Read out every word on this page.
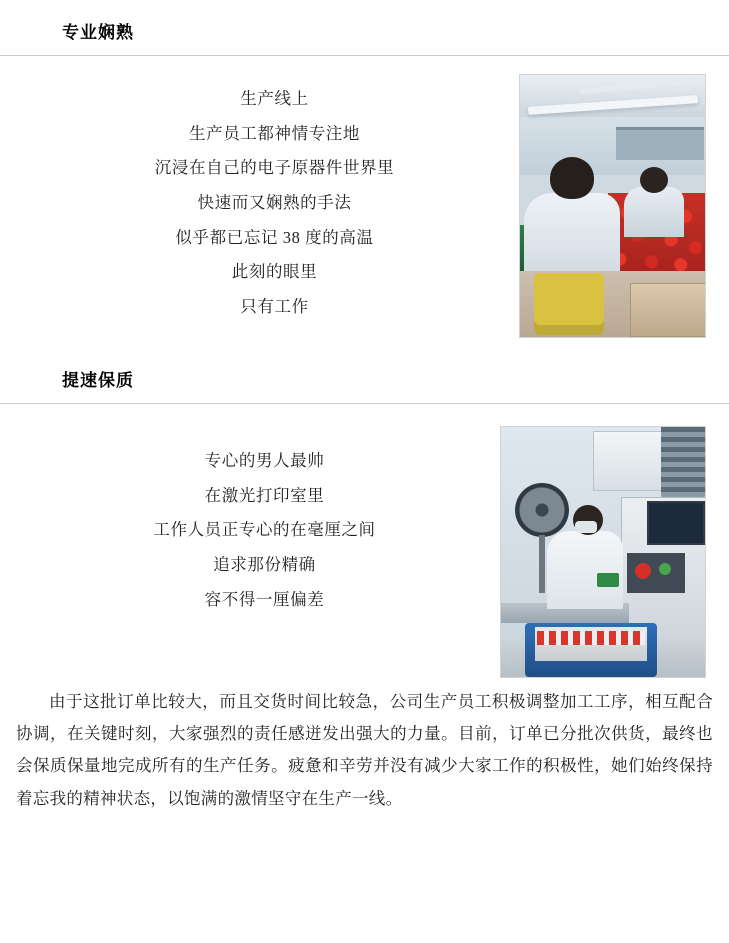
专业娴熟
生产线上
生产员工都神情专注地
沉浸在自己的电子原器件世界里
快速而又娴熟的手法
似乎都已忘记 38 度的高温
此刻的眼里
只有工作
提速保质
专心的男人最帅
在激光打印室里
工作人员正专心的在毫厘之间
追求那份精确
容不得一厘偏差
由于这批订单比较大，而且交货时间比较急，公司生产员工积极调整加工工序，相互配合协调，在关键时刻，大家强烈的责任感迸发出强大的力量。目前，订单已分批次供货，最终也会保质保量地完成所有的生产任务。疲惫和辛劳并没有减少大家工作的积极性，她们始终保持着忘我的精神状态，以饱满的激情坚守在生产一线。
